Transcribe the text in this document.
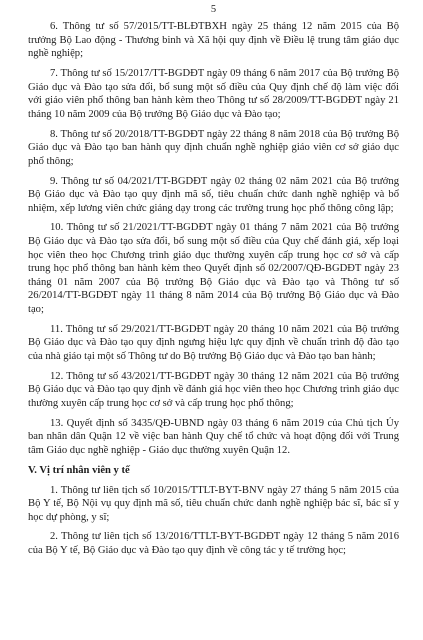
5

6. Thông tư số 57/2015/TT-BLĐTBXH ngày 25 tháng 12 năm 2015 của Bộ trưởng Bộ Lao động - Thương binh và Xã hội quy định về Điều lệ trung tâm giáo dục nghề nghiệp;

7. Thông tư số 15/2017/TT-BGDĐT ngày 09 tháng 6 năm 2017 của Bộ trưởng Bộ Giáo dục và Đào tạo sửa đổi, bổ sung một số điều của Quy định chế độ làm việc đối với giáo viên phổ thông ban hành kèm theo Thông tư số 28/2009/TT-BGDĐT ngày 21 tháng 10 năm 2009 của Bộ trưởng Bộ Giáo dục và Đào tạo;

8. Thông tư số 20/2018/TT-BGDĐT ngày 22 tháng 8 năm 2018 của Bộ trưởng Bộ Giáo dục và Đào tạo ban hành quy định chuẩn nghề nghiệp giáo viên cơ sở giáo dục phổ thông;

9. Thông tư số 04/2021/TT-BGDĐT ngày 02 tháng 02 năm 2021 của Bộ trưởng Bộ Giáo dục và Đào tạo quy định mã số, tiêu chuẩn chức danh nghề nghiệp và bổ nhiệm, xếp lương viên chức giảng dạy trong các trường trung học phổ thông công lập;

10. Thông tư số 21/2021/TT-BGDĐT ngày 01 tháng 7 năm 2021 của Bộ trưởng Bộ Giáo dục và Đào tạo sửa đổi, bổ sung một số điều của Quy chế đánh giá, xếp loại học viên theo học Chương trình giáo dục thường xuyên cấp trung học cơ sở và cấp trung học phổ thông ban hành kèm theo Quyết định số 02/2007/QĐ-BGDĐT ngày 23 tháng 01 năm 2007 của Bộ trưởng Bộ Giáo dục và Đào tạo và Thông tư số 26/2014/TT-BGDĐT ngày 11 tháng 8 năm 2014 của Bộ trưởng Bộ Giáo dục và Đào tạo;

11. Thông tư số 29/2021/TT-BGDĐT ngày 20 tháng 10 năm 2021 của Bộ trưởng Bộ Giáo dục và Đào tạo quy định ngưng hiệu lực quy định về chuẩn trình độ đào tạo của nhà giáo tại một số Thông tư do Bộ trưởng Bộ Giáo dục và Đào tạo ban hành;

12. Thông tư số 43/2021/TT-BGDĐT ngày 30 tháng 12 năm 2021 của Bộ trưởng Bộ Giáo dục và Đào tạo quy định về đánh giá học viên theo học Chương trình giáo dục thường xuyên cấp trung học cơ sở và cấp trung học phổ thông;

13. Quyết định số 3435/QĐ-UBND ngày 03 tháng 6 năm 2019 của Chủ tịch Ủy ban nhân dân Quận 12 về việc ban hành Quy chế tổ chức và hoạt động đối với Trung tâm Giáo dục nghề nghiệp - Giáo dục thường xuyên Quận 12.

V. Vị trí nhân viên y tế

1. Thông tư liên tịch số 10/2015/TTLT-BYT-BNV ngày 27 tháng 5 năm 2015 của Bộ Y tế, Bộ Nội vụ quy định mã số, tiêu chuẩn chức danh nghề nghiệp bác sĩ, bác sĩ y học dự phòng, y sĩ;

2. Thông tư liên tịch số 13/2016/TTLT-BYT-BGDĐT ngày 12 tháng 5 năm 2016 của Bộ Y tế, Bộ Giáo dục và Đào tạo quy định về công tác y tế trường học;
